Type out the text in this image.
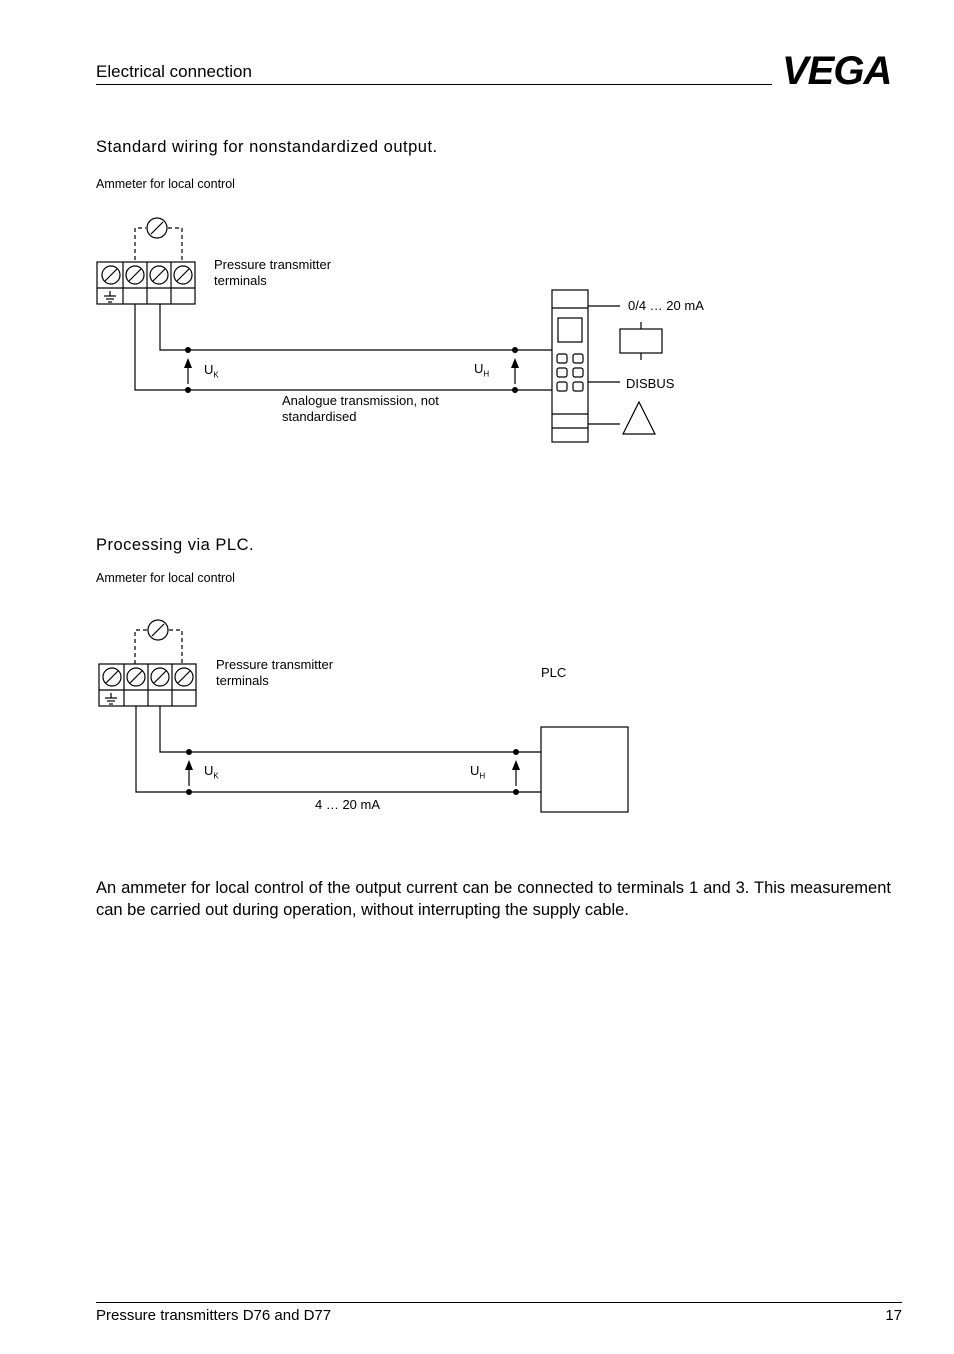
Electrical connection	VEGA
Standard wiring for nonstandardized output.
Ammeter for local control
Pressure transmitter
terminals
$U_K$	$U_H$
Analogue transmission, not
standardised
0/4 … 20 mA
DISBUS
Processing via PLC.
Ammeter for local control
Pressure transmitter
terminals
PLC
$U_K$	$U_H$
4 … 20 mA
An ammeter for local control of the output current can be connected to terminals 1 and 3. This measurement can be carried out during operation, without interrupting the supply cable.
Pressure transmitters D76 and D77	17
